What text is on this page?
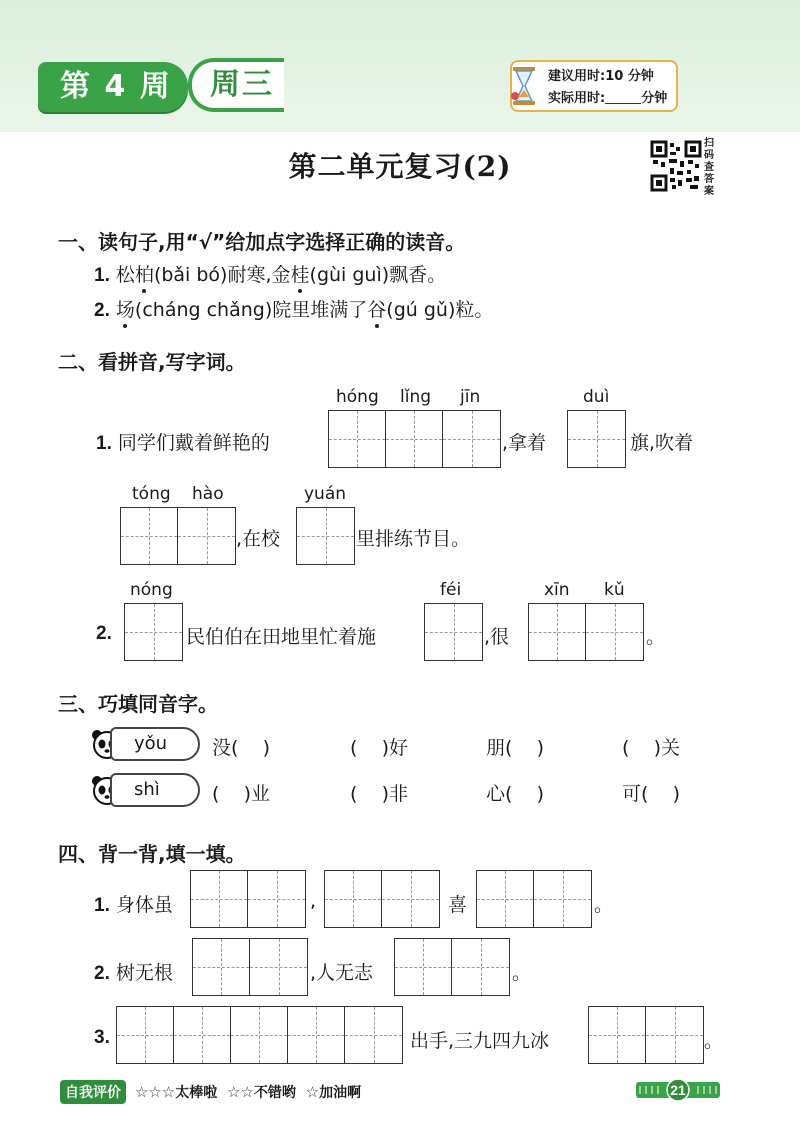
第 4 周	周三	建议用时:10 分钟
实际用时:	分钟
第二单元复习(2)
扫码查答案
一、读句子,用“√”给加点字选择正确的读音。
1. 松柏(bǎi bó)耐寒,金桂(gùi guì)飘香。
2. 场(cháng chǎng)院里堆满了谷(gú gǔ)粒。
二、看拼音,写字词。
hóng lǐng jīn	duì
1. 同学们戴着鲜艳的	,拿着	旗,吹着
tóng hào	yuán
,在校	里排练节目。
nóng	féi	xīn kǔ
2.	民伯伯在田地里忙着施	,很	。
三、巧填同音字。
yǒu	没(    )	(    )好	朋(    )	(    )关
shì	(    )业	(    )非	心(    )	可(    )
四、背一背,填一填。
1. 身体虽	,	喜	。
2. 树无根	,人无志	。
3.	出手,三九四九冰	。
自我评价 ☆☆☆太棒啦 ☆☆不错哟 ☆加油啊	21
